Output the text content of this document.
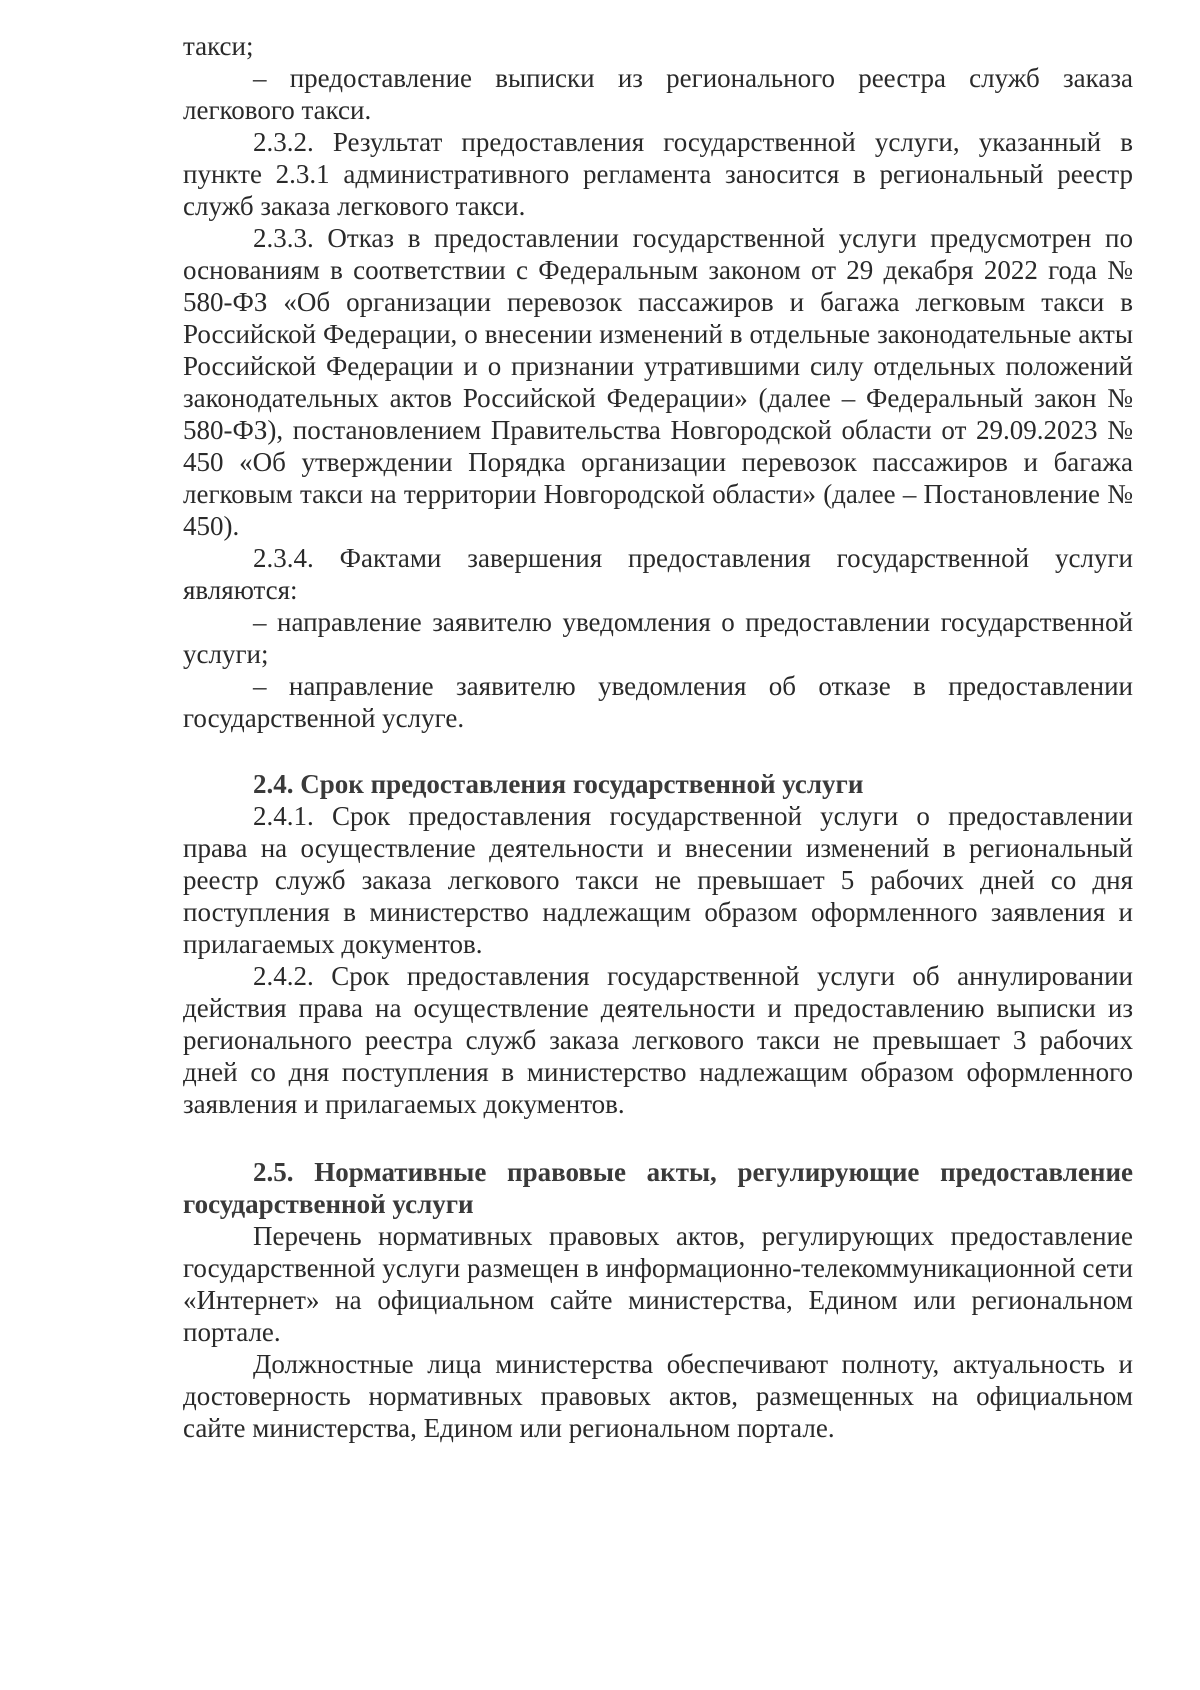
такси;

– предоставление выписки из регионального реестра служб заказа легкового такси.

2.3.2. Результат предоставления государственной услуги, указанный в пункте 2.3.1 административного регламента заносится в региональный реестр служб заказа легкового такси.

2.3.3. Отказ в предоставлении государственной услуги предусмотрен по основаниям в соответствии с Федеральным законом от 29 декабря 2022 года № 580-ФЗ «Об организации перевозок пассажиров и багажа легковым такси в Российской Федерации, о внесении изменений в отдельные законодательные акты Российской Федерации и о признании утратившими силу отдельных положений законодательных актов Российской Федерации» (далее – Федеральный закон № 580-ФЗ), постановлением Правительства Новгородской области от 29.09.2023 № 450 «Об утверждении Порядка организации перевозок пассажиров и багажа легковым такси на территории Новгородской области» (далее – Постановление № 450).

2.3.4. Фактами завершения предоставления государственной услуги являются:

– направление заявителю уведомления о предоставлении государственной услуги;

– направление заявителю уведомления об отказе в предоставлении государственной услуге.

2.4. Срок предоставления государственной услуги

2.4.1. Срок предоставления государственной услуги о предоставлении права на осуществление деятельности и внесении изменений в региональный реестр служб заказа легкового такси не превышает 5 рабочих дней со дня поступления в министерство надлежащим образом оформленного заявления и прилагаемых документов.

2.4.2. Срок предоставления государственной услуги об аннулировании действия права на осуществление деятельности и предоставлению выписки из регионального реестра служб заказа легкового такси не превышает 3 рабочих дней со дня поступления в министерство надлежащим образом оформленного заявления и прилагаемых документов.

2.5. Нормативные правовые акты, регулирующие предоставление государственной услуги

Перечень нормативных правовых актов, регулирующих предоставление государственной услуги размещен в информационно-телекоммуникационной сети «Интернет» на официальном сайте министерства, Едином или региональном портале.

Должностные лица министерства обеспечивают полноту, актуальность и достоверность нормативных правовых актов, размещенных на официальном сайте министерства, Едином или региональном портале.
